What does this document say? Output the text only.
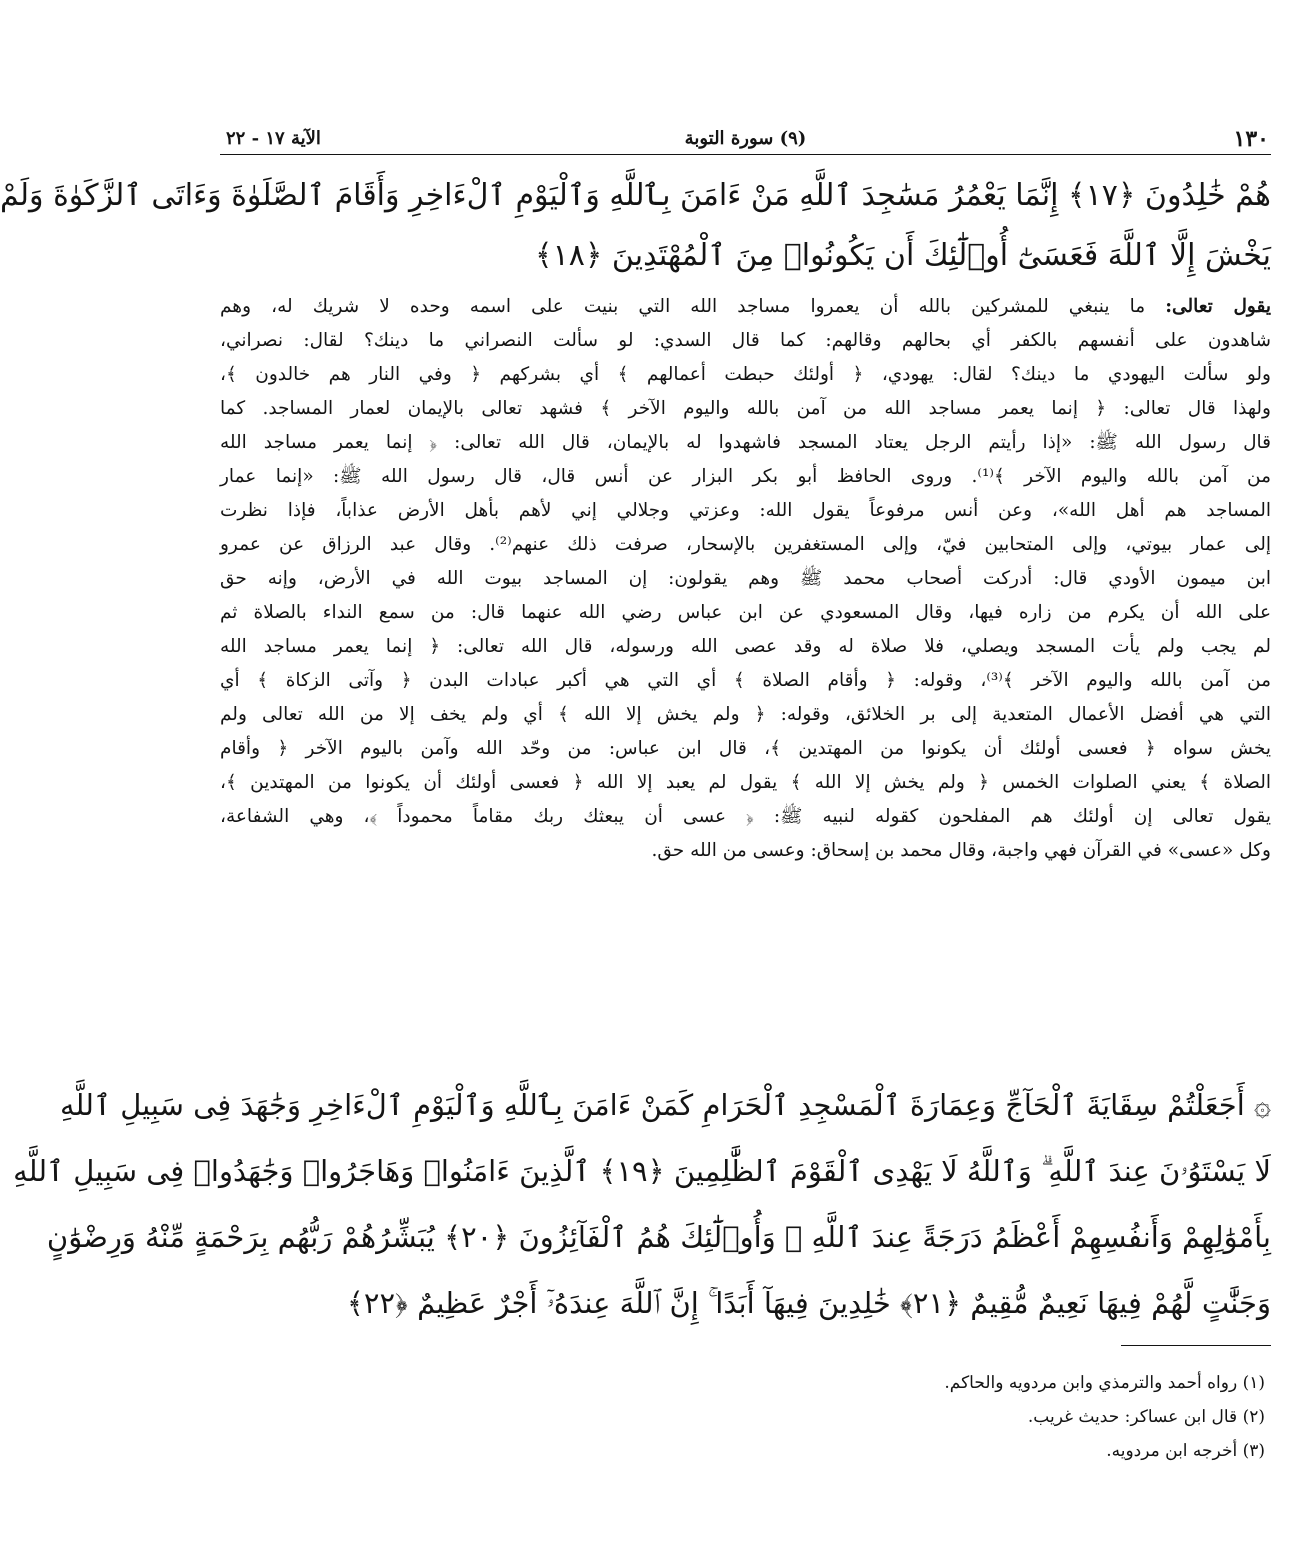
١٣٠
(٩) سورة التوبة
الآية ١٧ - ٢٢
هُمْ خَٰلِدُونَ ﴿١٧﴾ إِنَّمَا يَعْمُرُ مَسَٰجِدَ ٱللَّهِ مَنْ ءَامَنَ بِٱللَّهِ وَٱلْيَوْمِ ٱلْءَاخِرِ وَأَقَامَ ٱلصَّلَوٰةَ وَءَاتَى ٱلزَّكَوٰةَ وَلَمْ
يَخْشَ إِلَّا ٱللَّهَ فَعَسَىٰٓ أُو۟لَٰٓئِكَ أَن يَكُونُوا۟ مِنَ ٱلْمُهْتَدِينَ ﴿١٨﴾
يقول تعالى: ما ينبغي للمشركين بالله أن يعمروا مساجد الله التي بنيت على اسمه وحده لا شريك له، وهم
شاهدون على أنفسهم بالكفر أي بحالهم وقالهم: كما قال السدي: لو سألت النصراني ما دينك؟ لقال: نصراني،
ولو سألت اليهودي ما دينك؟ لقال: يهودي، ﴿ أولئك حبطت أعمالهم ﴾ أي بشركهم ﴿ وفي النار هم خالدون ﴾،
ولهذا قال تعالى: ﴿ إنما يعمر مساجد الله من آمن بالله واليوم الآخر ﴾ فشهد تعالى بالإيمان لعمار المساجد. كما
قال رسول الله ﷺ: «إذا رأيتم الرجل يعتاد المسجد فاشهدوا له بالإيمان، قال الله تعالى: ﴿ إنما يعمر مساجد الله
من آمن بالله واليوم الآخر ﴾⁽¹⁾. وروى الحافظ أبو بكر البزار عن أنس قال، قال رسول الله ﷺ: «إنما عمار
المساجد هم أهل الله»، وعن أنس مرفوعاً يقول الله: وعزتي وجلالي إني لأهم بأهل الأرض عذاباً، فإذا نظرت
إلى عمار بيوتي، وإلى المتحابين فيّ، وإلى المستغفرين بالإسحار، صرفت ذلك عنهم⁽²⁾. وقال عبد الرزاق عن عمرو
ابن ميمون الأودي قال: أدركت أصحاب محمد ﷺ وهم يقولون: إن المساجد بيوت الله في الأرض، وإنه حق
على الله أن يكرم من زاره فيها، وقال المسعودي عن ابن عباس رضي الله عنهما قال: من سمع النداء بالصلاة ثم
لم يجب ولم يأت المسجد ويصلي، فلا صلاة له وقد عصى الله ورسوله، قال الله تعالى: ﴿ إنما يعمر مساجد الله
من آمن بالله واليوم الآخر ﴾⁽³⁾، وقوله: ﴿ وأقام الصلاة ﴾ أي التي هي أكبر عبادات البدن ﴿ وآتى الزكاة ﴾ أي
التي هي أفضل الأعمال المتعدية إلى بر الخلائق، وقوله: ﴿ ولم يخش إلا الله ﴾ أي ولم يخف إلا من الله تعالى ولم
يخش سواه ﴿ فعسى أولئك أن يكونوا من المهتدين ﴾، قال ابن عباس: من وحّد الله وآمن باليوم الآخر ﴿ وأقام
الصلاة ﴾ يعني الصلوات الخمس ﴿ ولم يخش إلا الله ﴾ يقول لم يعبد إلا الله ﴿ فعسى أولئك أن يكونوا من المهتدين ﴾،
يقول تعالى إن أولئك هم المفلحون كقوله لنبيه ﷺ: ﴿ عسى أن يبعثك ربك مقاماً محموداً ﴾، وهي الشفاعة،
وكل «عسى» في القرآن فهي واجبة، وقال محمد بن إسحاق: وعسى من الله حق.
۞ أَجَعَلْتُمْ سِقَايَةَ ٱلْحَآجِّ وَعِمَارَةَ ٱلْمَسْجِدِ ٱلْحَرَامِ كَمَنْ ءَامَنَ بِٱللَّهِ وَٱلْيَوْمِ ٱلْءَاخِرِ وَجَٰهَدَ فِى سَبِيلِ ٱللَّهِ
لَا يَسْتَوُۥنَ عِندَ ٱللَّهِ ۗ وَٱللَّهُ لَا يَهْدِى ٱلْقَوْمَ ٱلظَّٰلِمِينَ ﴿١٩﴾ ٱلَّذِينَ ءَامَنُوا۟ وَهَاجَرُوا۟ وَجَٰهَدُوا۟ فِى سَبِيلِ ٱللَّهِ
بِأَمْوَٰلِهِمْ وَأَنفُسِهِمْ أَعْظَمُ دَرَجَةً عِندَ ٱللَّهِ ۚ وَأُو۟لَٰٓئِكَ هُمُ ٱلْفَآئِزُونَ ﴿٢٠﴾ يُبَشِّرُهُمْ رَبُّهُم بِرَحْمَةٍ مِّنْهُ وَرِضْوَٰنٍ
وَجَنَّٰتٍ لَّهُمْ فِيهَا نَعِيمٌ مُّقِيمٌ ﴿٢١﴾ خَٰلِدِينَ فِيهَآ أَبَدًا ۚ إِنَّ ٱللَّهَ عِندَهُۥٓ أَجْرٌ عَظِيمٌ ﴿٢٢﴾
(١) رواه أحمد والترمذي وابن مردويه والحاكم.
(٢) قال ابن عساكر: حديث غريب.
(٣) أخرجه ابن مردويه.
